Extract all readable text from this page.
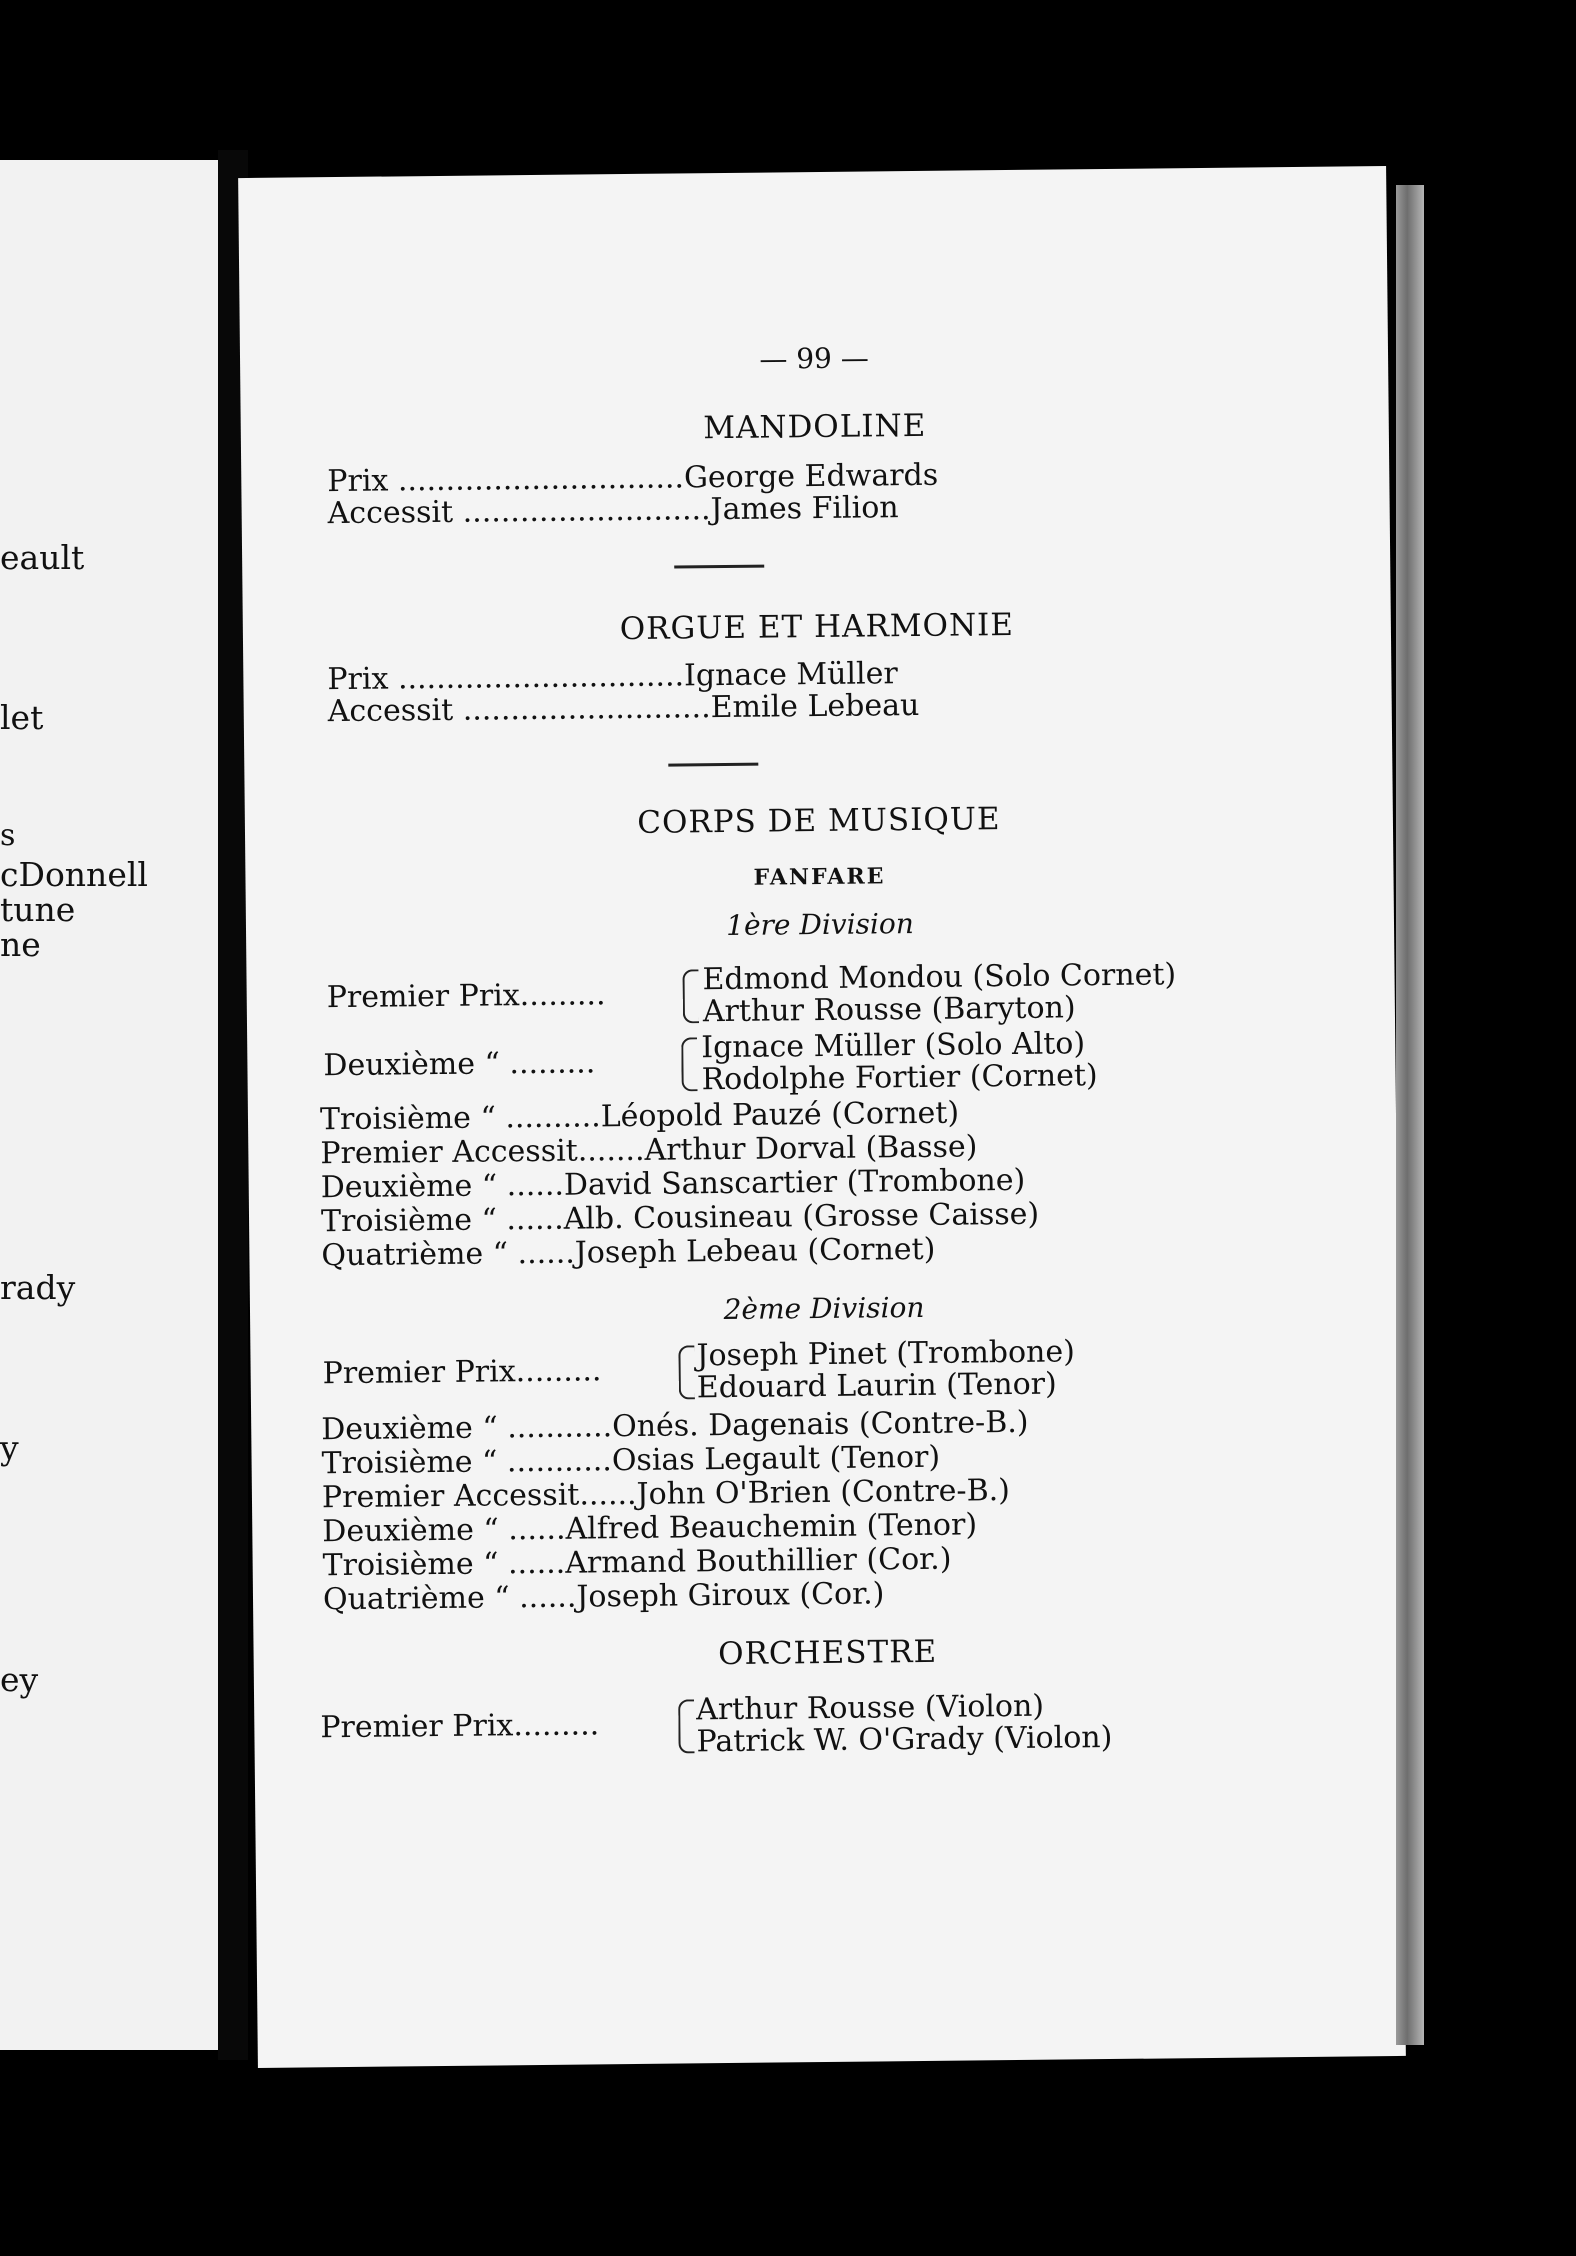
eault
let
s
cDonnell
tune
ne
rady
y
ey
— 99 —
MANDOLINE
Prix ..............................George Edwards
Accessit ..........................James Filion
ORGUE ET HARMONIE
Prix ..............................Ignace Müller
Accessit ..........................Emile Lebeau
CORPS DE MUSIQUE
FANFARE
1ère Division
Premier Prix.........	Edmond Mondou (Solo Cornet)
Arthur Rousse (Baryton)
Deuxième “ .........	Ignace Müller (Solo Alto)
Rodolphe Fortier (Cornet)
Troisième “ ..........Léopold Pauzé (Cornet)
Premier Accessit.......Arthur Dorval (Basse)
Deuxième “ ......David Sanscartier (Trombone)
Troisième “ ......Alb. Cousineau (Grosse Caisse)
Quatrième “ ......Joseph Lebeau (Cornet)
2ème Division
Premier Prix.........	Joseph Pinet (Trombone)
Edouard Laurin (Tenor)
Deuxième “ ...........Onés. Dagenais (Contre-B.)
Troisième “ ...........Osias Legault (Tenor)
Premier Accessit......John O'Brien (Contre-B.)
Deuxième “ ......Alfred Beauchemin (Tenor)
Troisième “ ......Armand Bouthillier (Cor.)
Quatrième “ ......Joseph Giroux (Cor.)
ORCHESTRE
Premier Prix.........	Arthur Rousse (Violon)
Patrick W. O'Grady (Violon)
